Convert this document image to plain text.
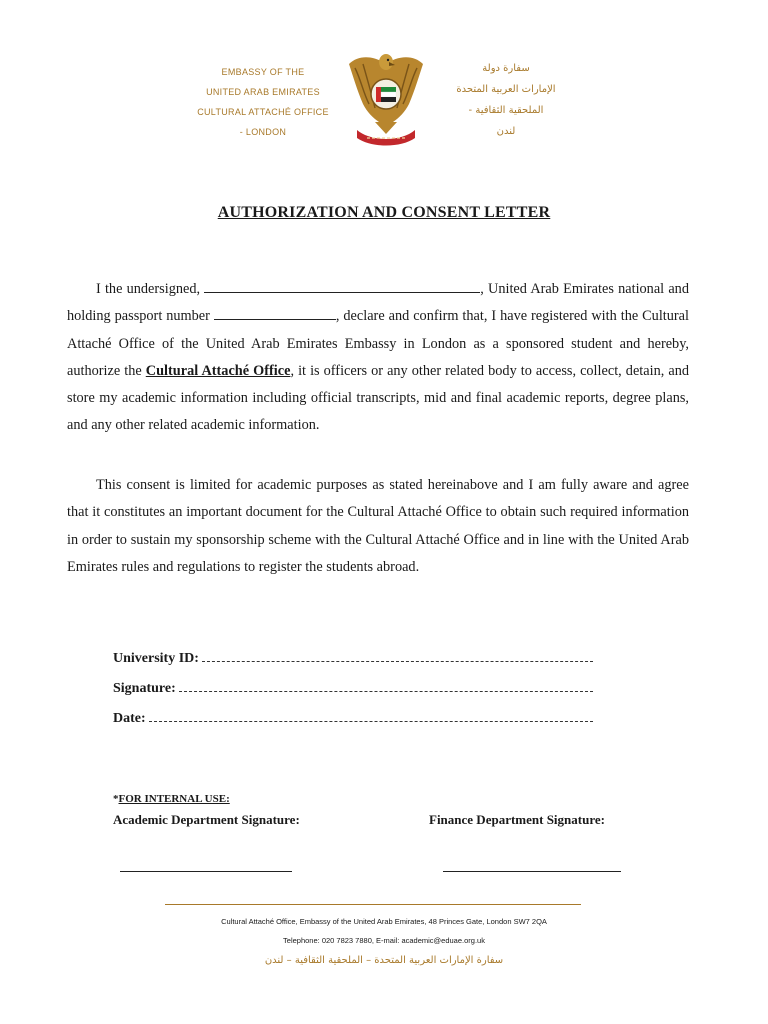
EMBASSY OF THE
UNITED ARAB EMIRATES
CULTURAL ATTACHÉ OFFICE
- LONDON
سفارة دولة
الإمارات العربية المتحدة
الملحقية الثقافية -
لندن
AUTHORIZATION AND CONSENT LETTER

I the undersigned,	, United Arab Emirates national and holding passport number	, declare and confirm that, I have registered with the Cultural Attaché Office of the United Arab Emirates Embassy in London as a sponsored student and hereby, authorize the Cultural Attaché Office, it is officers or any other related body to access, collect, detain, and store my academic information including official transcripts, mid and final academic reports, degree plans, and any other related academic information.

This consent is limited for academic purposes as stated hereinabove and I am fully aware and agree that it constitutes an important document for the Cultural Attaché Office to obtain such required information in order to sustain my sponsorship scheme with the Cultural Attaché Office and in line with the United Arab Emirates rules and regulations to register the students abroad.

University ID:
Signature:
Date:
*FOR INTERNAL USE:
Academic Department Signature:	Finance Department Signature:
Cultural Attaché Office, Embassy of the United Arab Emirates, 48 Princes Gate, London SW7 2QA
Telephone: 020 7823 7880, E-mail: academic@eduae.org.uk
سفارة الإمارات العربية المتحدة – الملحقية الثقافية – لندن
